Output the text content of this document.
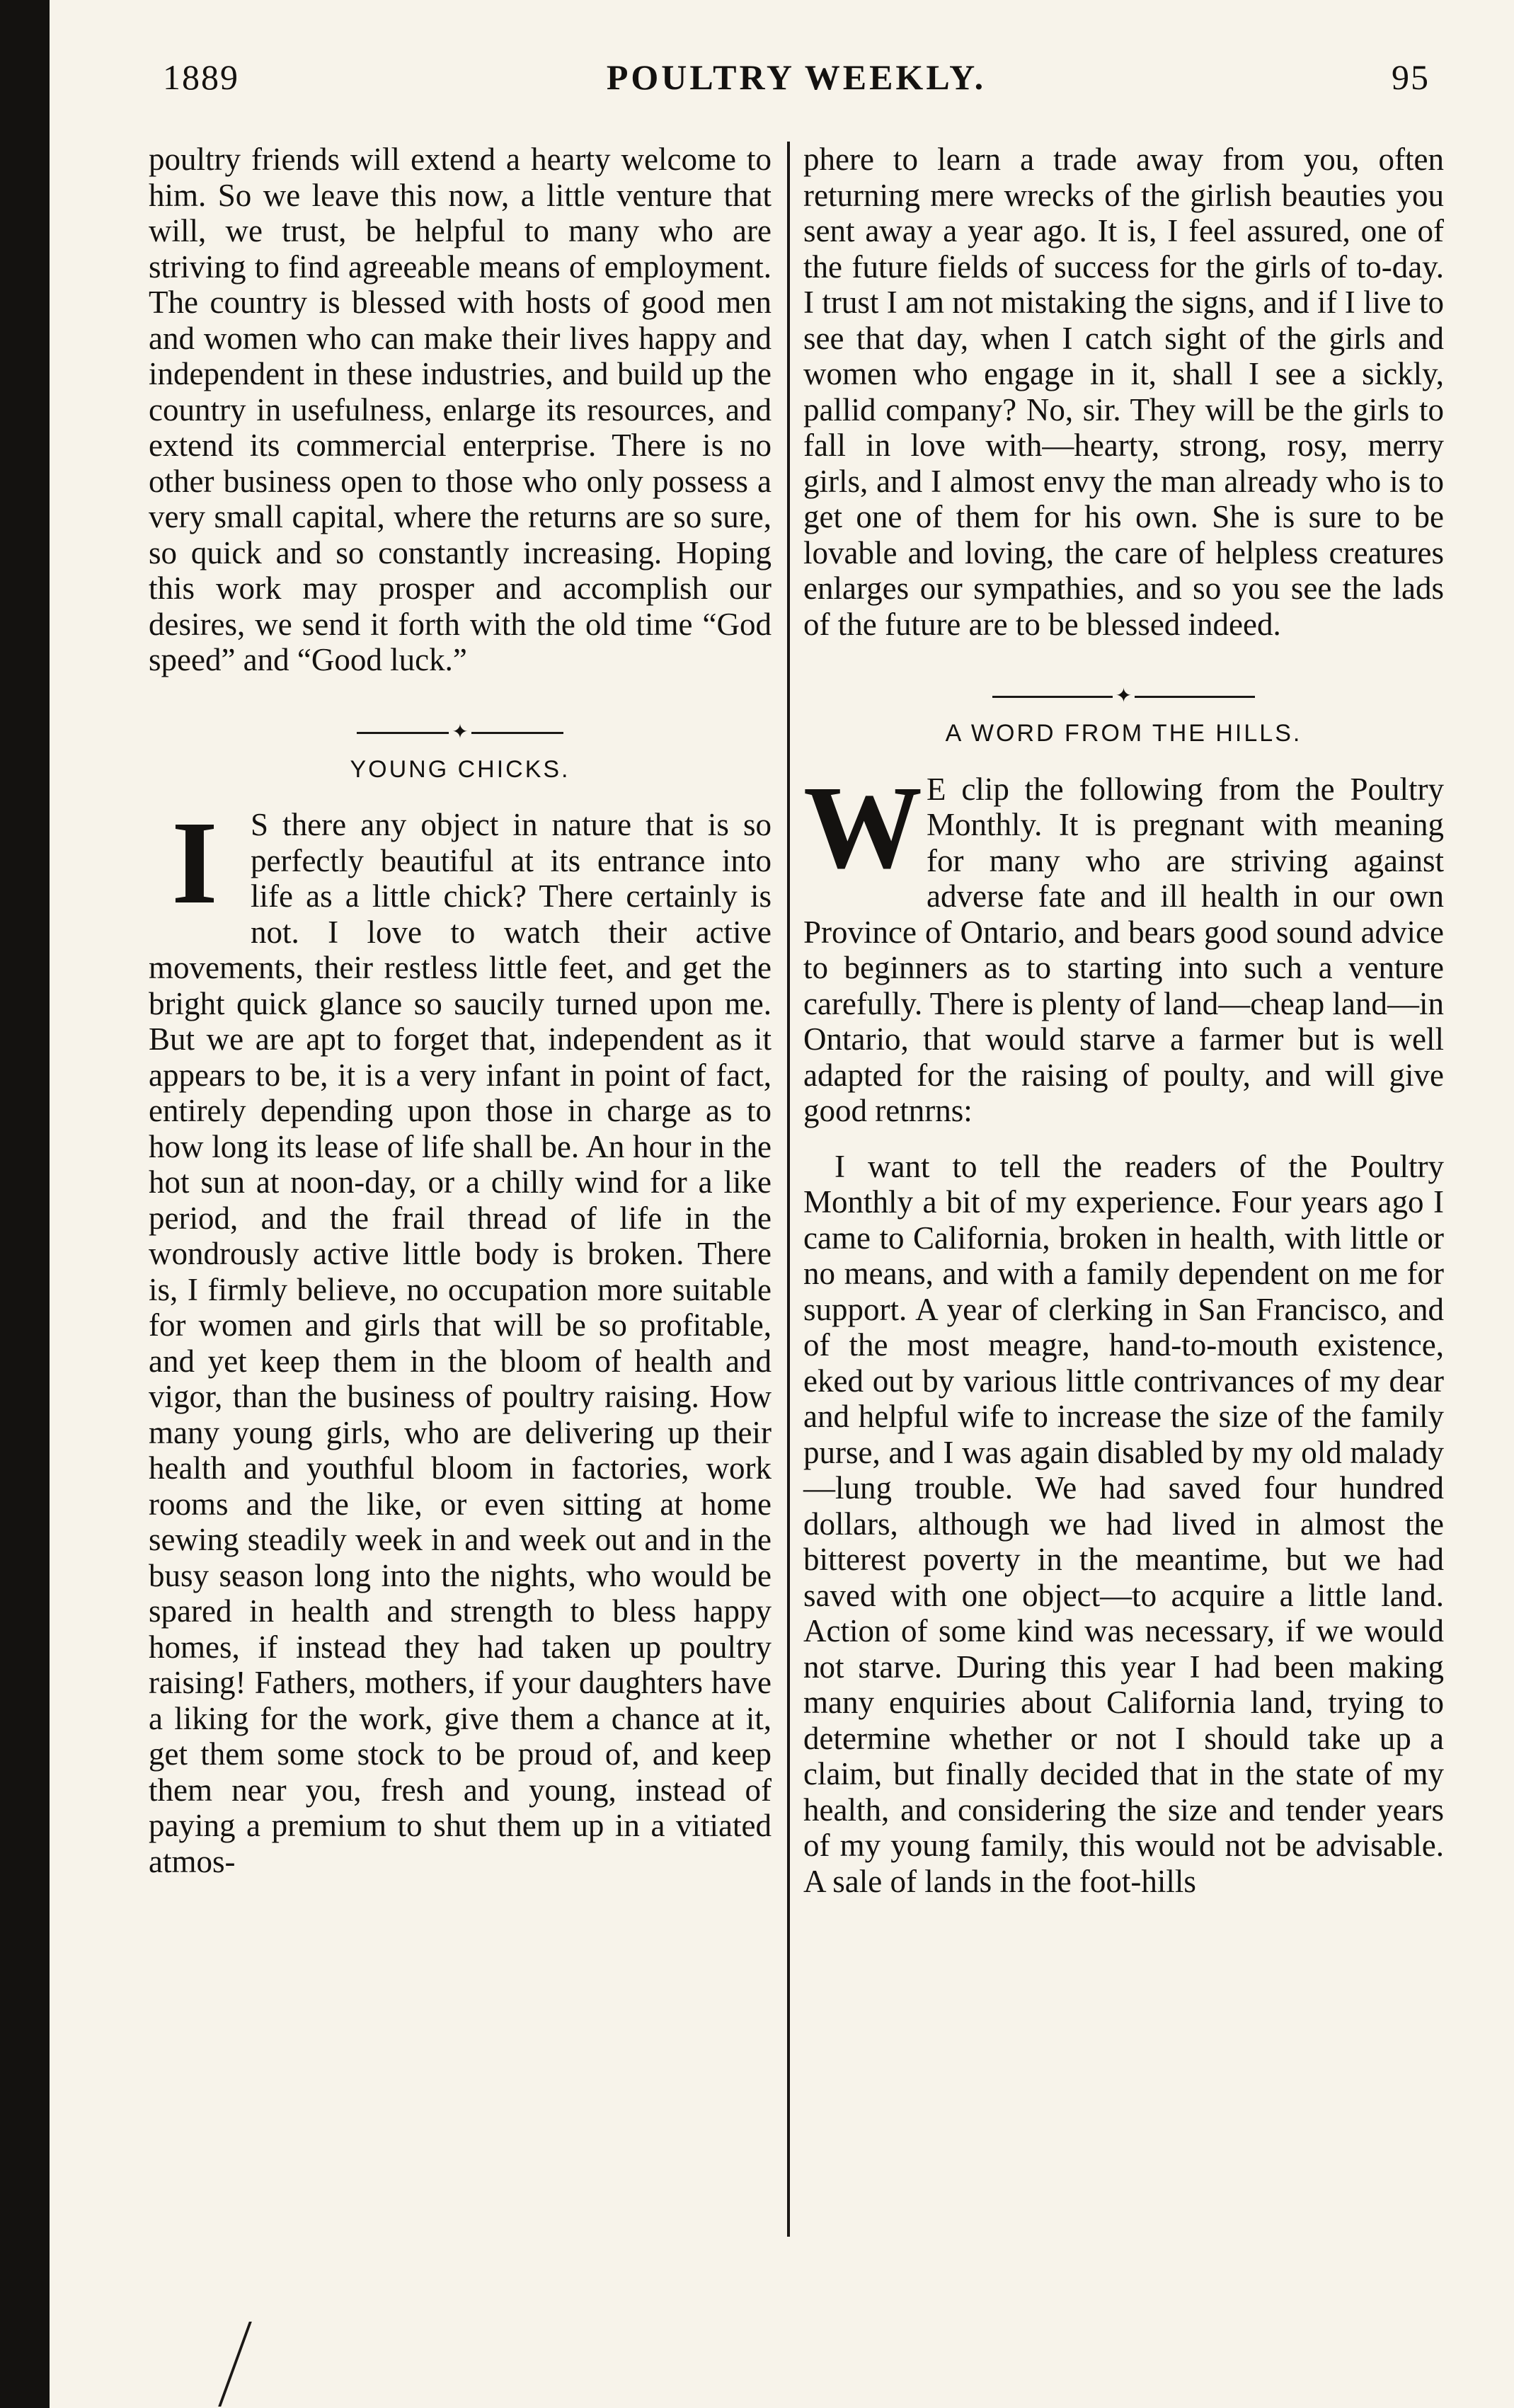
1889	POULTRY WEEKLY.	95

poultry friends will extend a hearty welcome to him. So we leave this now, a little venture that will, we trust, be helpful to many who are striving to find agreeable means of employment. The country is blessed with hosts of good men and women who can make their lives happy and independent in these industries, and build up the country in usefulness, enlarge its resources, and extend its commercial enterprise. There is no other business open to those who only possess a very small capital, where the returns are so sure, so quick and so constantly increasing. Hoping this work may prosper and accomplish our desires, we send it forth with the old time “God speed” and “Good luck.”

✦
YOUNG CHICKS.

I	S there any object in nature that is so perfectly beautiful at its entrance into life as a little chick? There certainly is not. I love to watch their active movements, their restless little feet, and get the bright quick glance so saucily turned upon me. But we are apt to forget that, independent as it appears to be, it is a very infant in point of fact, entirely depending upon those in charge as to how long its lease of life shall be. An hour in the hot sun at noon-day, or a chilly wind for a like period, and the frail thread of life in the wondrously active little body is broken. There is, I firmly believe, no occupation more suitable for women and girls that will be so profitable, and yet keep them in the bloom of health and vigor, than the business of poultry raising. How many young girls, who are delivering up their health and youthful bloom in factories, work rooms and the like, or even sitting at home sewing steadily week in and week out and in the busy season long into the nights, who would be spared in health and strength to bless happy homes, if instead they had taken up poultry raising! Fathers, mothers, if your daughters have a liking for the work, give them a chance at it, get them some stock to be proud of, and keep them near you, fresh and young, instead of paying a premium to shut them up in a vitiated atmos-

phere to learn a trade away from you, often returning mere wrecks of the girlish beauties you sent away a year ago. It is, I feel assured, one of the future fields of success for the girls of to-day. I trust I am not mistaking the signs, and if I live to see that day, when I catch sight of the girls and women who engage in it, shall I see a sickly, pallid company? No, sir. They will be the girls to fall in love with—hearty, strong, rosy, merry girls, and I almost envy the man already who is to get one of them for his own. She is sure to be lovable and loving, the care of helpless creatures enlarges our sympathies, and so you see the lads of the future are to be blessed indeed.

✦
A WORD FROM THE HILLS.

W E clip the following from the Poultry Monthly. It is pregnant with meaning for many who are striving against adverse fate and ill health in our own Province of Ontario, and bears good sound advice to beginners as to starting into such a venture carefully. There is plenty of land—cheap land—in Ontario, that would starve a farmer but is well adapted for the raising of poulty, and will give good retnrns:

I want to tell the readers of the Poultry Monthly a bit of my experience. Four years ago I came to California, broken in health, with little or no means, and with a family dependent on me for support. A year of clerking in San Francisco, and of the most meagre, hand-to-mouth existence, eked out by various little contrivances of my dear and helpful wife to increase the size of the family purse, and I was again disabled by my old malady—lung trouble. We had saved four hundred dollars, although we had lived in almost the bitterest poverty in the meantime, but we had saved with one object—to acquire a little land. Action of some kind was necessary, if we would not starve. During this year I had been making many enquiries about California land, trying to determine whether or not I should take up a claim, but finally decided that in the state of my health, and considering the size and tender years of my young family, this would not be advisable. A sale of lands in the foot-hills
